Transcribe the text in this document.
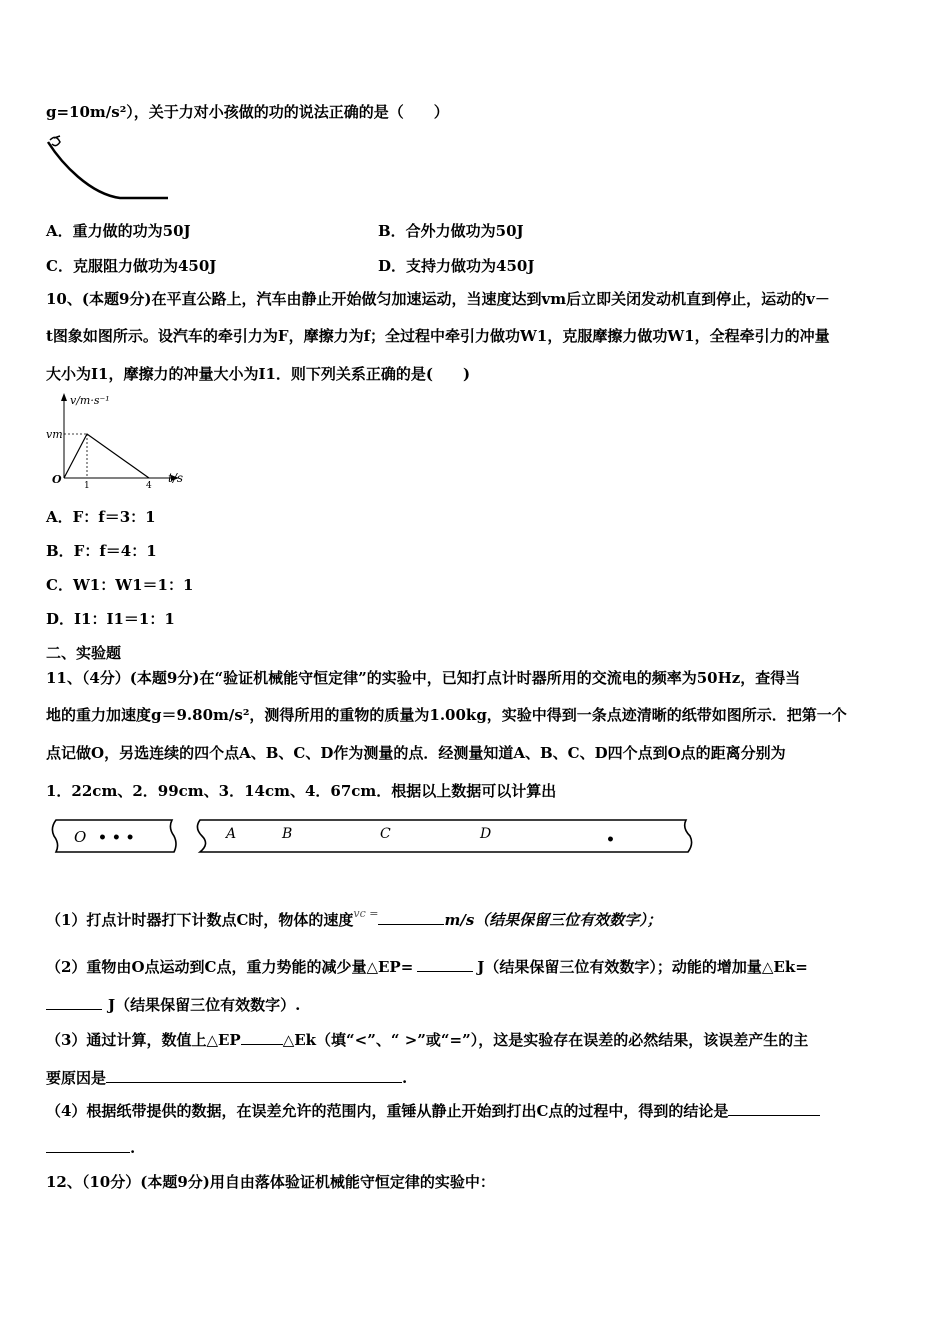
g=10m/s²），关于力对小孩做的功的说法正确的是（　　）
A．重力做的功为50J	B．合外力做功为50J
C．克服阻力做功为450J	D．支持力做功为450J
10、(本题9分)在平直公路上，汽车由静止开始做匀加速运动，当速度达到vm后立即关闭发动机直到停止，运动的v－
t图象如图所示。设汽车的牵引力为F，摩擦力为f；全过程中牵引力做功W1，克服摩擦力做功W1，全程牵引力的冲量
大小为I1，摩擦力的冲量大小为I1．则下列关系正确的是(　　)
v/m·s⁻¹
vm
O 1	4
t/s
A．F：f＝3：1
B．F：f＝4：1
C．W1：W1＝1：1
D．I1：I1＝1：1
二、实验题
11、（4分）(本题9分)在“验证机械能守恒定律”的实验中，已知打点计时器所用的交流电的频率为50Hz，查得当
地的重力加速度g＝9.80m/s²，测得所用的重物的质量为1.00kg，实验中得到一条点迹清晰的纸带如图所示．把第一个
点记做O，另选连续的四个点A、B、C、D作为测量的点．经测量知道A、B、C、D四个点到O点的距离分别为
1．22cm、2．99cm、3．14cm、4．67cm．根据以上数据可以计算出
O • • •	A	B	C	D	•
（1）打点计时器打下计数点C时，物体的速度$^{vc =}$	m/s（结果保留三位有效数字）；
（2）重物由O点运动到C点，重力势能的减少量△EP=	J（结果保留三位有效数字）；动能的增加量△Ek=
J（结果保留三位有效数字）.
（3）通过计算，数值上△EP	△Ek（填“<”、“ >”或“=”），这是实验存在误差的必然结果，该误差产生的主
要原因是	.
（4）根据纸带提供的数据，在误差允许的范围内，重锤从静止开始到打出C点的过程中，得到的结论是
.
12、（10分）(本题9分)用自由落体验证机械能守恒定律的实验中：
